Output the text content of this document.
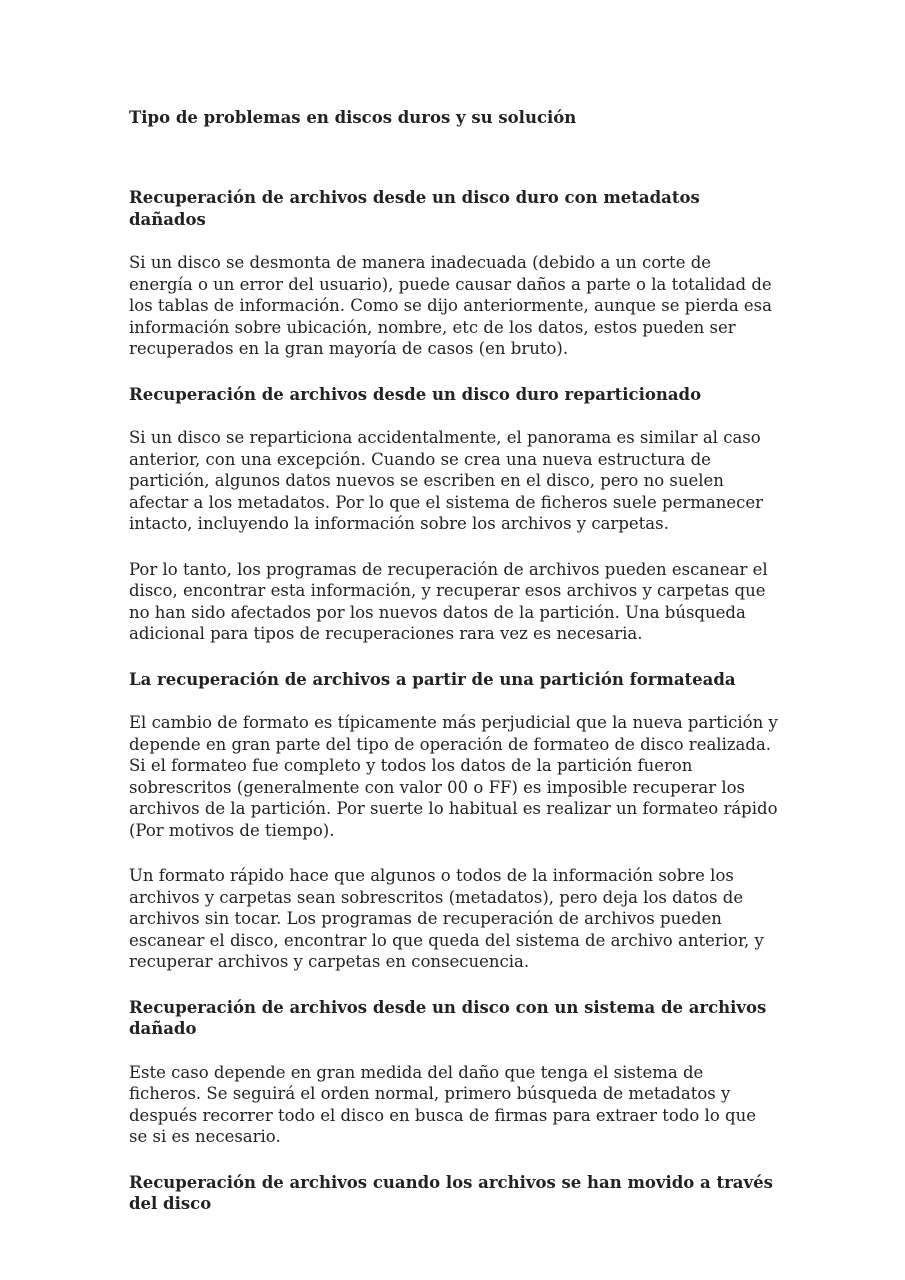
Tipo de problemas en discos duros y su solución
Recuperación de archivos desde un disco duro con metadatos dañados

Si un disco se desmonta de manera inadecuada (debido a un corte de energía o un error del usuario), puede causar daños a parte o la totalidad de los tablas de información. Como se dijo anteriormente, aunque se pierda esa información sobre ubicación, nombre, etc de los datos, estos pueden ser recuperados en la gran mayoría de casos (en bruto).

Recuperación de archivos desde un disco duro reparticionado

Si un disco se reparticiona accidentalmente, el panorama es similar al caso anterior, con una excepción. Cuando se crea una nueva estructura de partición, algunos datos nuevos se escriben en el disco, pero no suelen afectar a los metadatos. Por lo que el sistema de ficheros suele permanecer intacto, incluyendo la información sobre los archivos y carpetas.

Por lo tanto, los programas de recuperación de archivos pueden escanear el disco, encontrar esta información, y recuperar esos archivos y carpetas que no han sido afectados por los nuevos datos de la partición. Una búsqueda adicional para tipos de recuperaciones rara vez es necesaria.

La recuperación de archivos a partir de una partición formateada

El cambio de formato es típicamente más perjudicial que la nueva partición y depende en gran parte del tipo de operación de formateo de disco realizada. Si el formateo fue completo y todos los datos de la partición fueron sobrescritos (generalmente con valor 00 o FF) es imposible recuperar los archivos de la partición. Por suerte lo habitual es realizar un formateo rápido (Por motivos de tiempo).

Un formato rápido hace que algunos o todos de la información sobre los archivos y carpetas sean sobrescritos (metadatos), pero deja los datos de archivos sin tocar. Los programas de recuperación de archivos pueden escanear el disco, encontrar lo que queda del sistema de archivo anterior, y recuperar archivos y carpetas en consecuencia.

Recuperación de archivos desde un disco con un sistema de archivos dañado

Este caso depende en gran medida del daño que tenga el sistema de ficheros. Se seguirá el orden normal, primero búsqueda de metadatos y después recorrer todo el disco en busca de firmas para extraer todo lo que se si es necesario.

Recuperación de archivos cuando los archivos se han movido a través del disco
